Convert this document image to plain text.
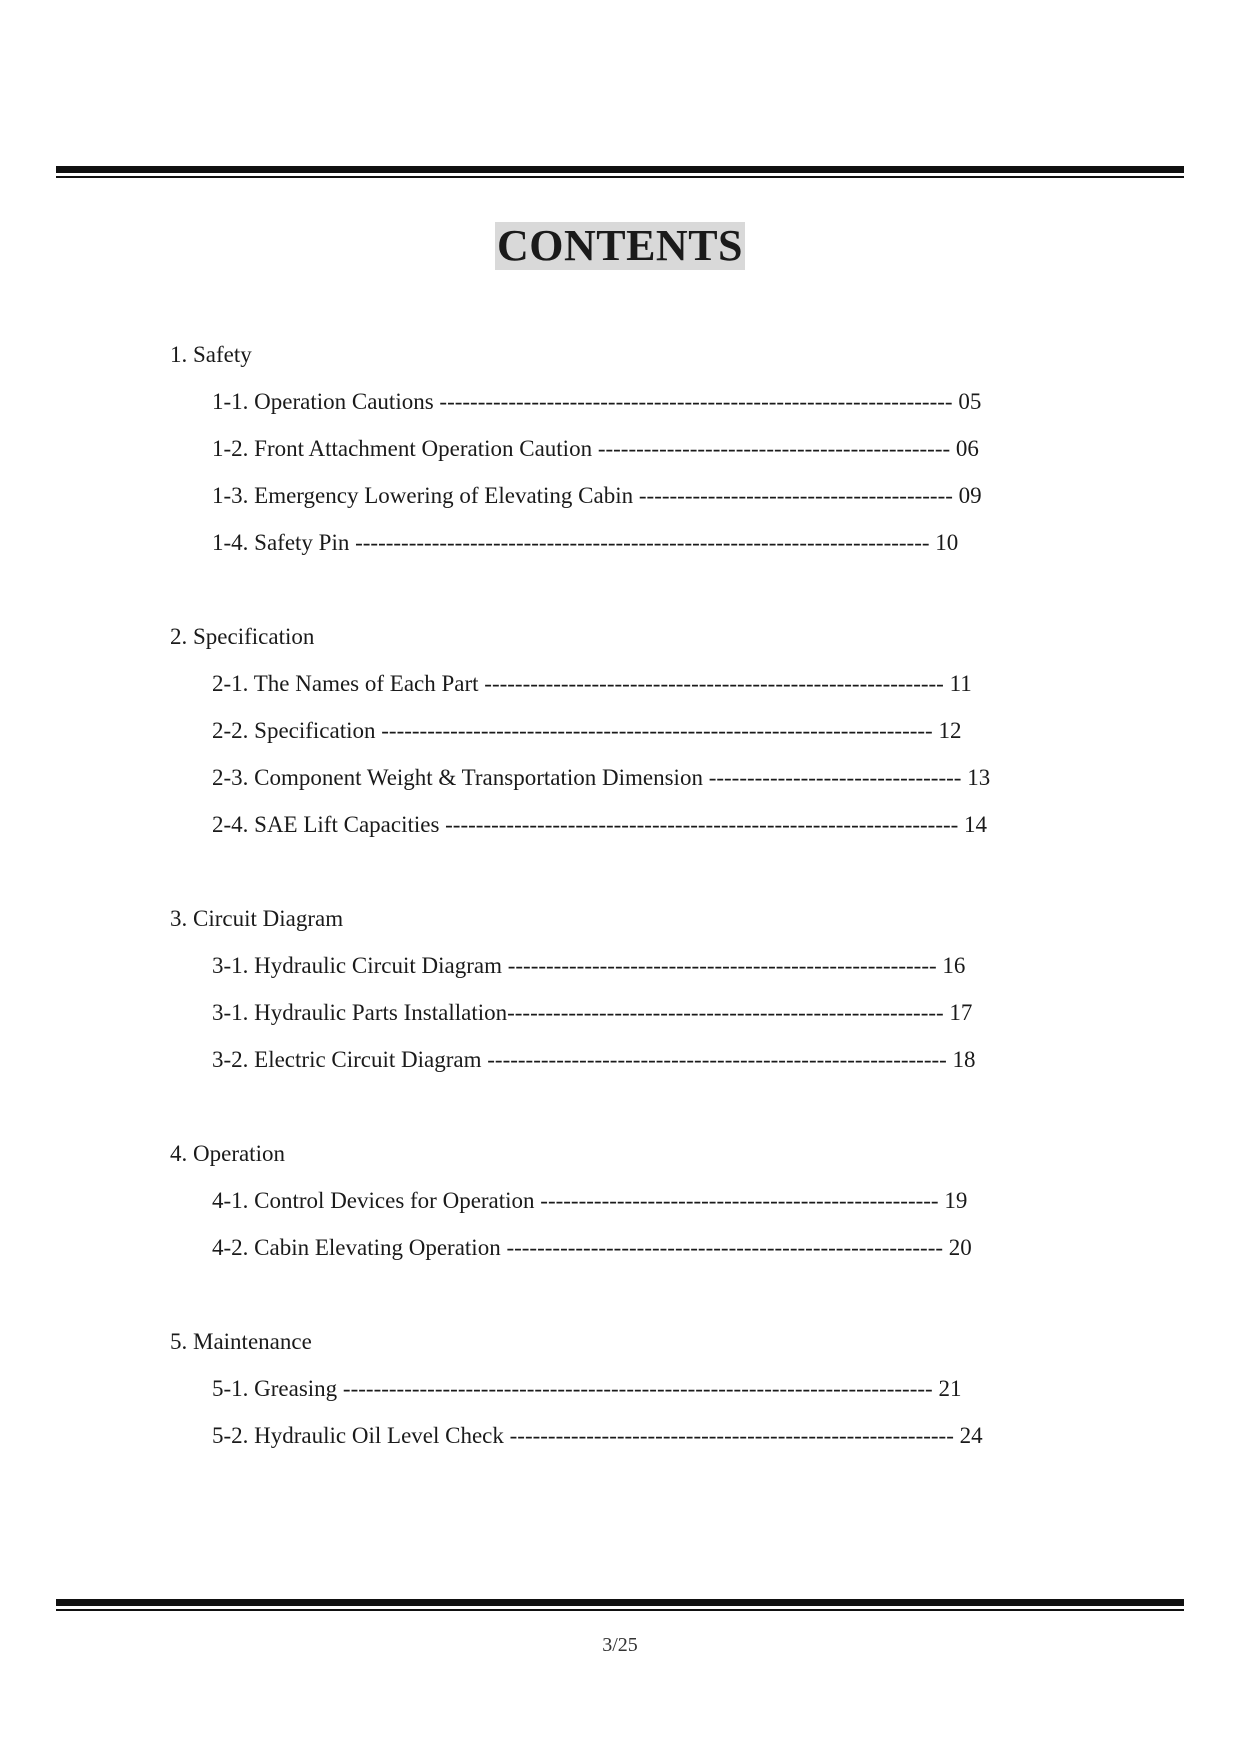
CONTENTS
1. Safety
1-1. Operation Cautions ------------------------------------------------------------------- 05
1-2. Front Attachment Operation Caution ---------------------------------------------- 06
1-3. Emergency Lowering of Elevating Cabin ----------------------------------------- 09
1-4. Safety Pin --------------------------------------------------------------------------- 10
2. Specification
2-1. The Names of Each Part ------------------------------------------------------------ 11
2-2. Specification ------------------------------------------------------------------------ 12
2-3. Component Weight & Transportation Dimension --------------------------------- 13
2-4. SAE Lift Capacities ------------------------------------------------------------------- 14
3. Circuit Diagram
3-1. Hydraulic Circuit Diagram -------------------------------------------------------- 16
3-1. Hydraulic Parts Installation--------------------------------------------------------- 17
3-2. Electric Circuit Diagram ------------------------------------------------------------ 18
4. Operation
4-1. Control Devices for Operation ---------------------------------------------------- 19
4-2. Cabin Elevating Operation --------------------------------------------------------- 20
5. Maintenance
5-1. Greasing ----------------------------------------------------------------------------- 21
5-2. Hydraulic Oil Level Check ---------------------------------------------------------- 24
3/25
